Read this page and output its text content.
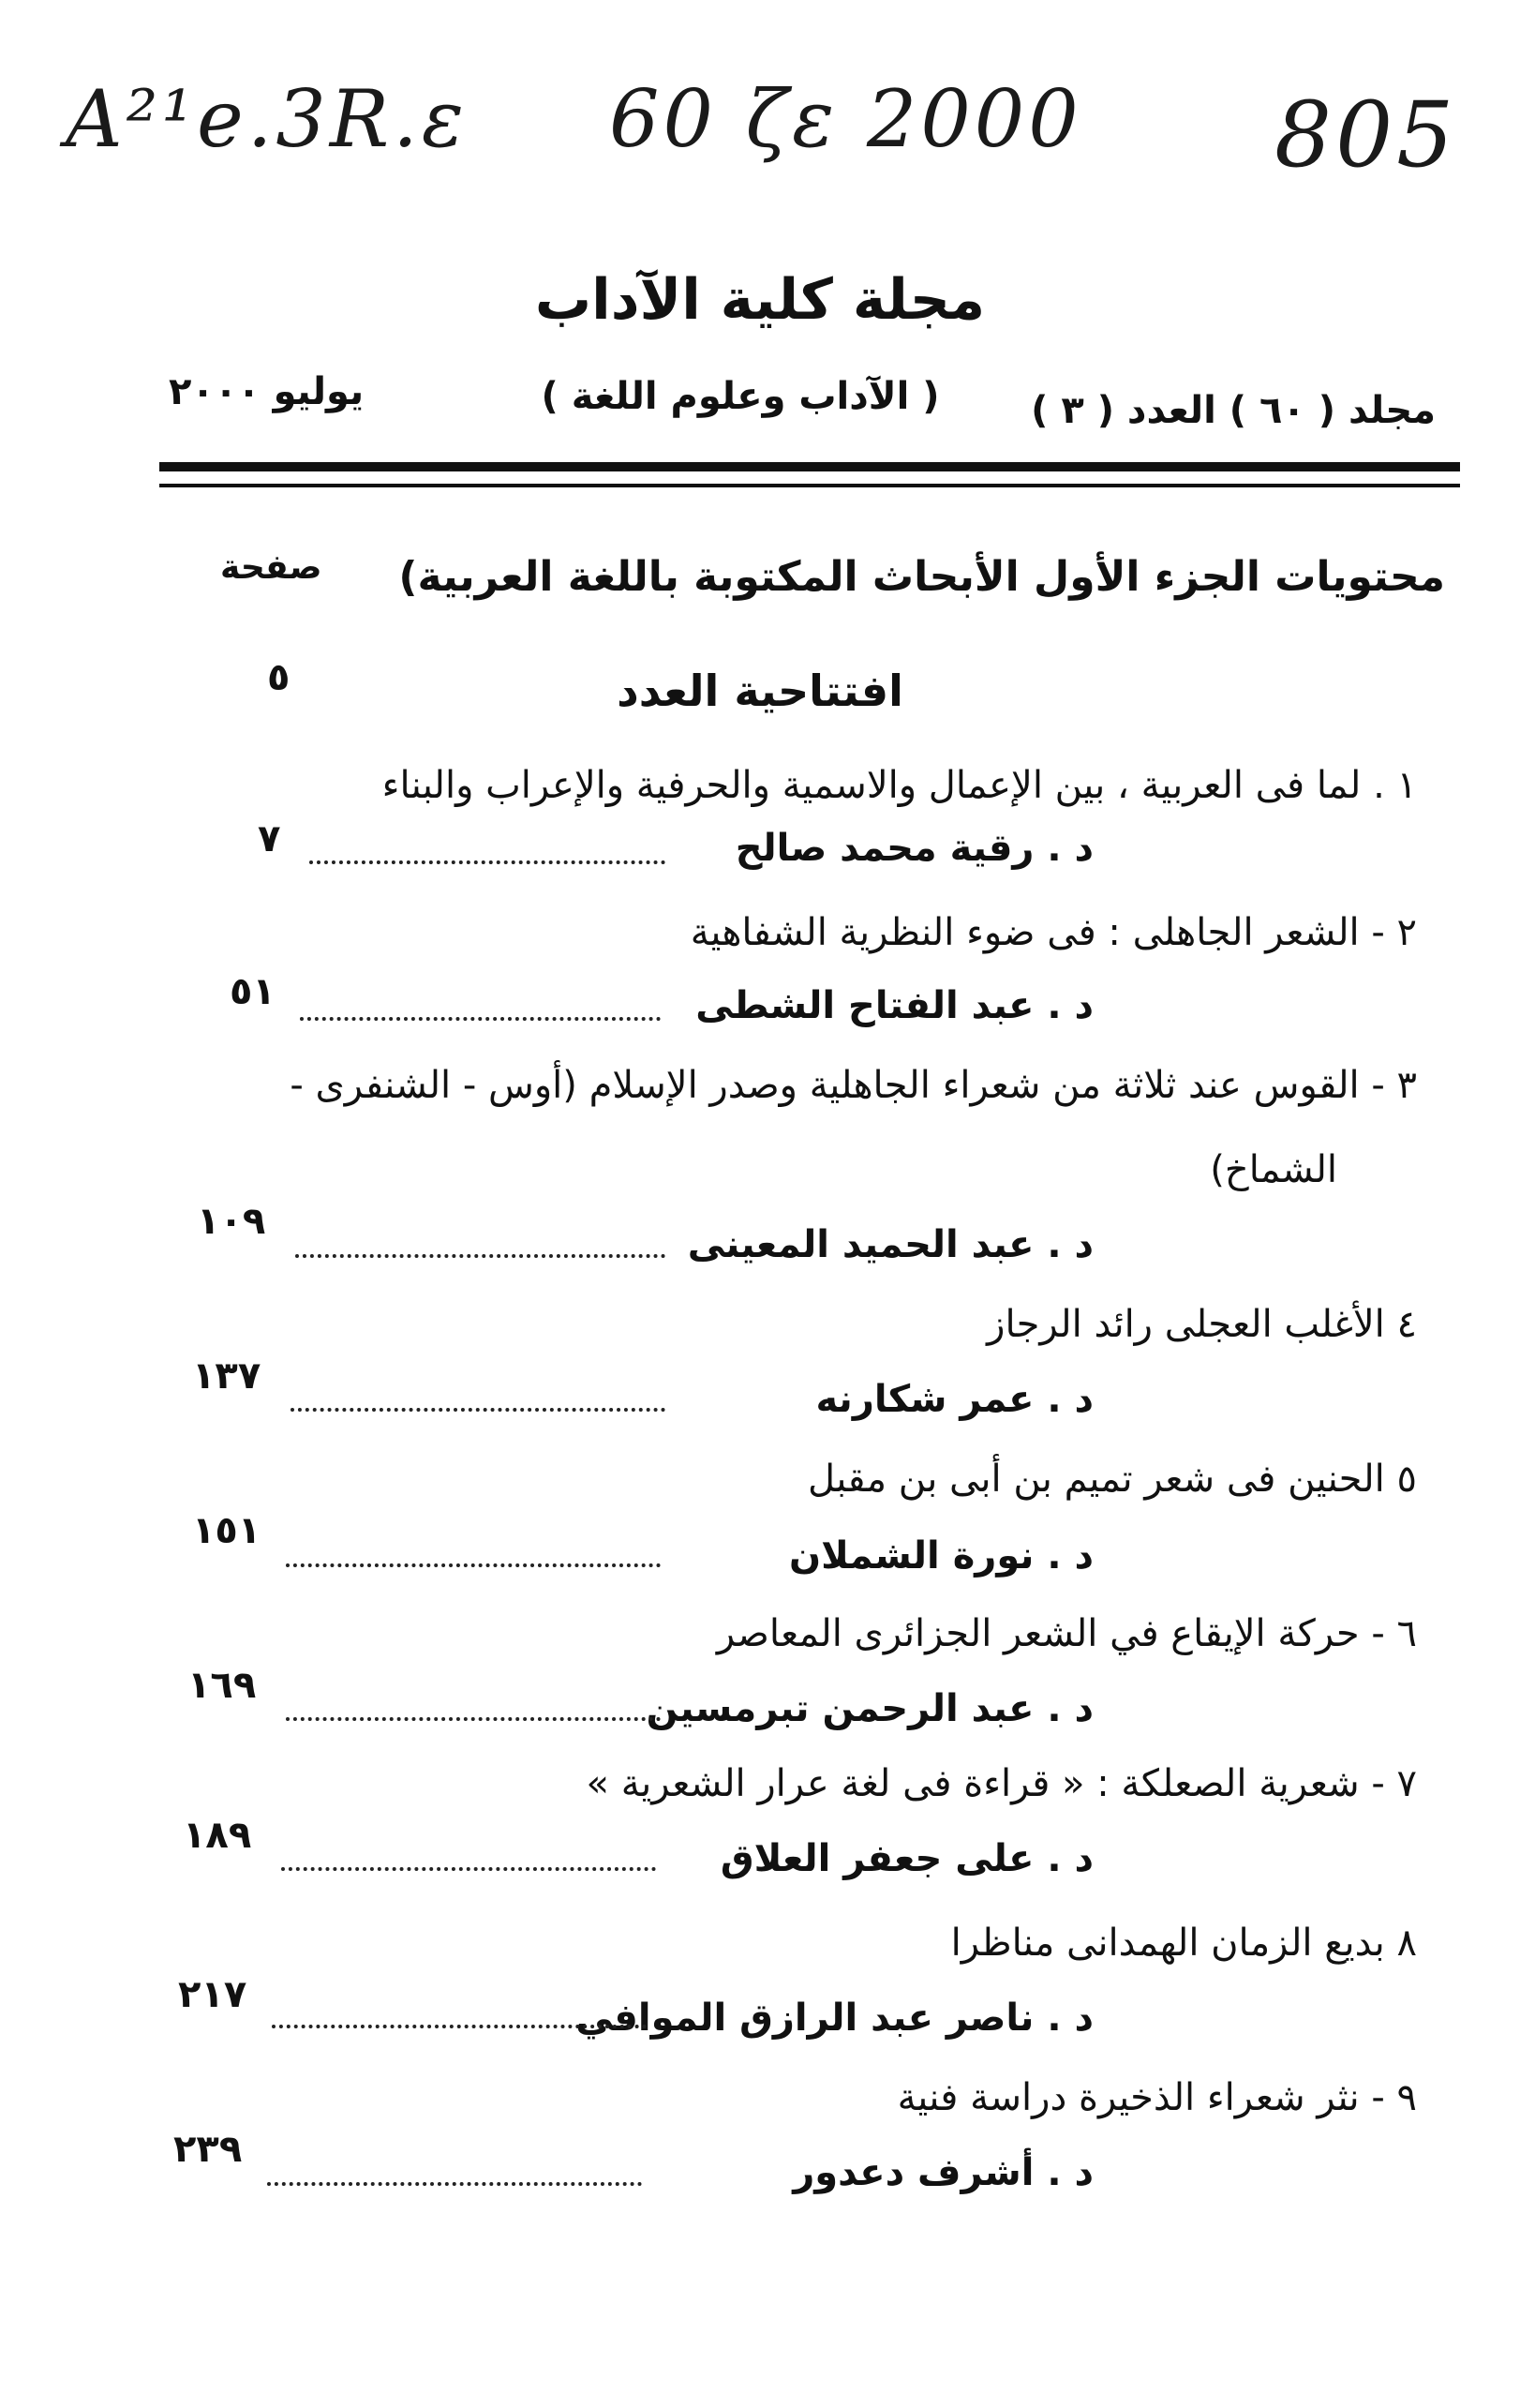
A²¹e.3R.ε 60 ζε 2000 805
مجلة كلية الآداب
مجلد ( ٦٠ ) العدد ( ٣ )
( الآداب وعلوم اللغة )
يوليو ٢٠٠٠
محتويات الجزء الأول الأبحاث المكتوبة باللغة العربية)
صفحة
افتتاحية العدد
٥
١ . لما فى العربية ، بين الإعمال والاسمية والحرفية والإعراب والبناء
د . رقية محمد صالح
٧
٢ - الشعر الجاهلى : فى ضوء النظرية الشفاهية
د . عبد الفتاح الشطى
٥١
٣ - القوس عند ثلاثة من شعراء الجاهلية وصدر الإسلام (أوس - الشنفرى -
الشماخ)
د . عبد الحميد المعينى
١٠٩
٤ الأغلب العجلى رائد الرجاز
د . عمر شكارنه
١٣٧
٥ الحنين فى شعر تميم بن أبى بن مقبل
د . نورة الشملان
١٥١
٦ - حركة الإيقاع في الشعر الجزائرى المعاصر
د . عبد الرحمن تبرمسين
١٦٩
٧ - شعرية الصعلكة : « قراءة فى لغة عرار الشعرية »
د . على جعفر العلاق
١٨٩
٨ بديع الزمان الهمدانى مناظرا
د . ناصر عبد الرازق الموافي
٢١٧
٩ - نثر شعراء الذخيرة دراسة فنية
د . أشرف دعدور
٢٣٩
